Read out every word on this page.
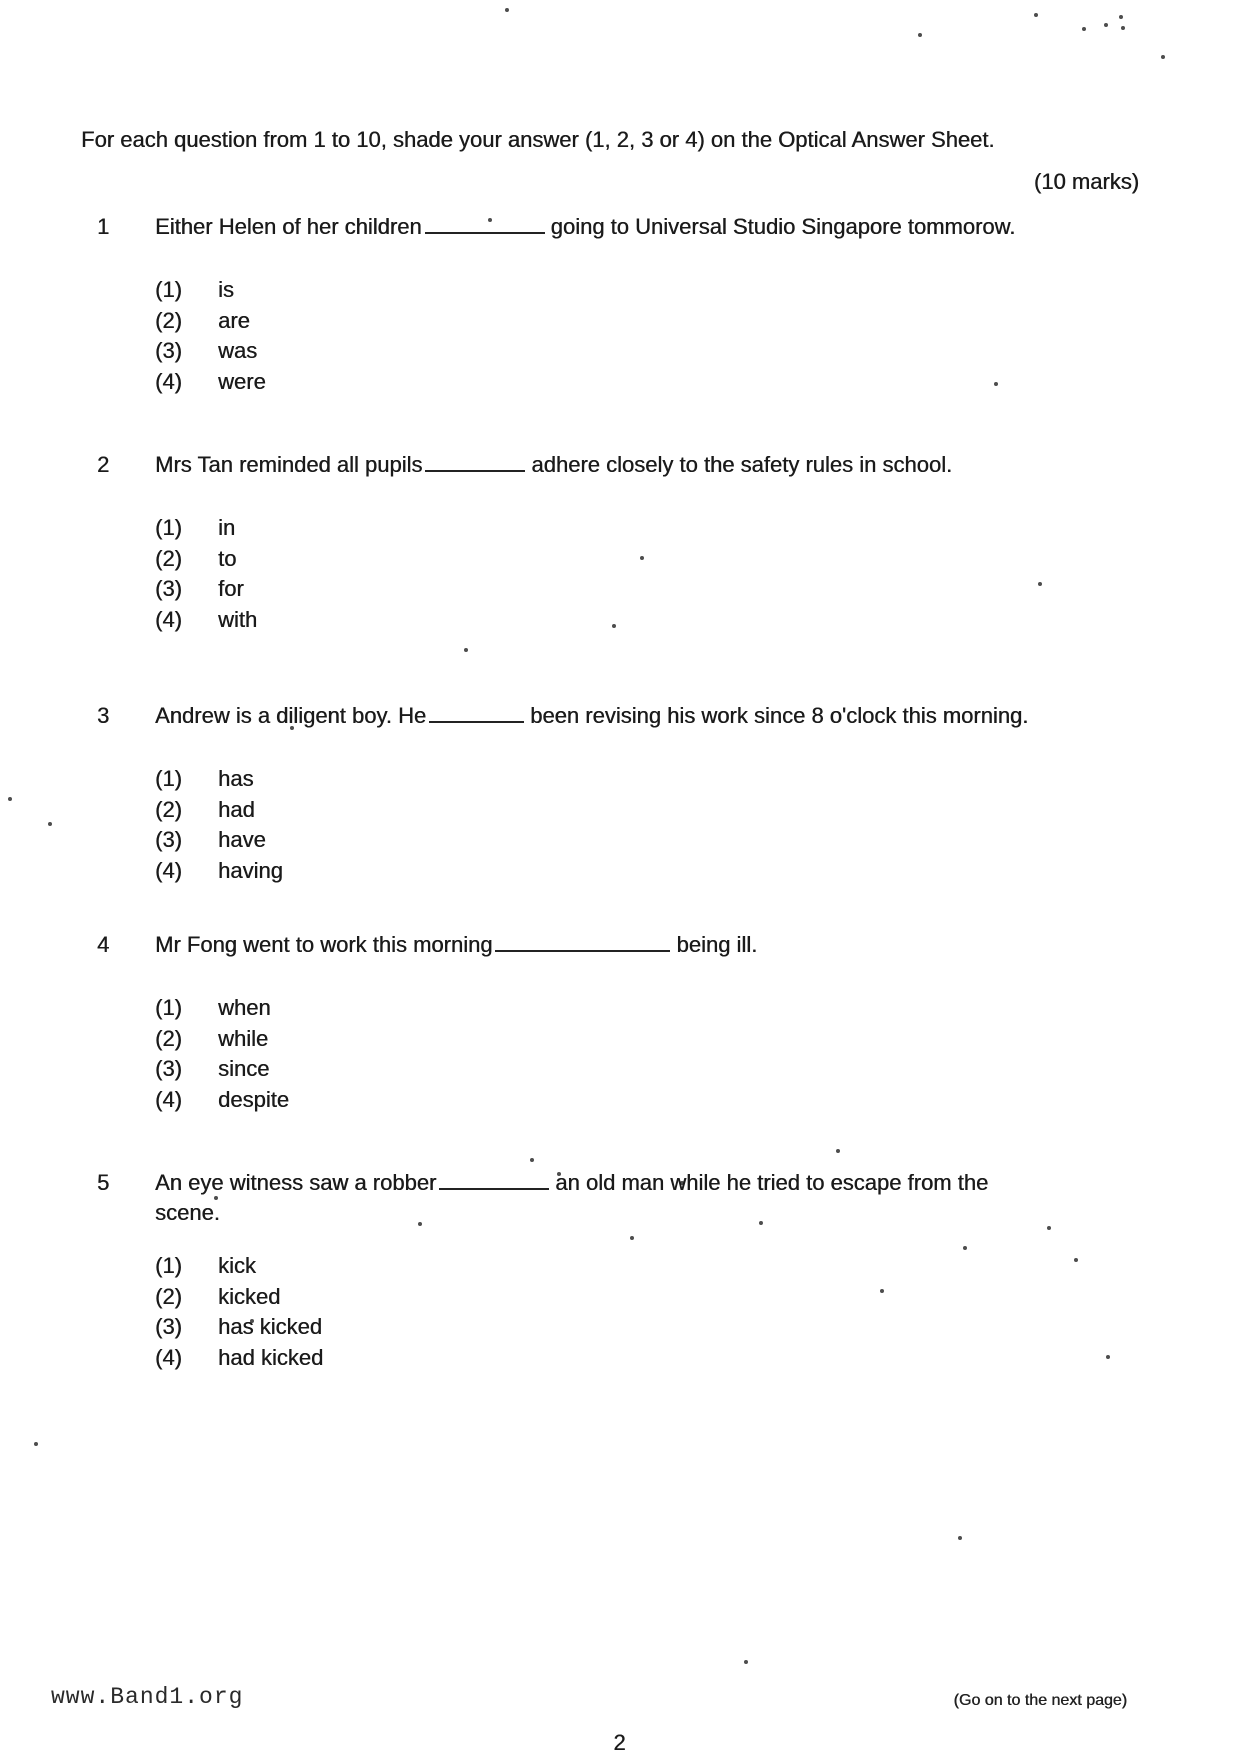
For each question from 1 to 10, shade your answer (1, 2, 3 or 4) on the Optical Answer Sheet.
(10 marks)
1	Either Helen of her children	going to Universal Studio Singapore tommorow.
(1)	is
(2)	are
(3)	was
(4)	were
2	Mrs Tan reminded all pupils	adhere closely to the safety rules in school.
(1)	in
(2)	to
(3)	for
(4)	with
3	Andrew is a diligent boy. He	been revising his work since 8 o'clock this morning.
(1)	has
(2)	had
(3)	have
(4)	having
4	Mr Fong went to work this morning	being ill.
(1)	when
(2)	while
(3)	since
(4)	despite
5	An eye witness saw a robber	an old man while he tried to escape from the
scene.
(1)	kick
(2)	kicked
(3)	has kicked
(4)	had kicked
www.Band1.org	(Go on to the next page)
2
